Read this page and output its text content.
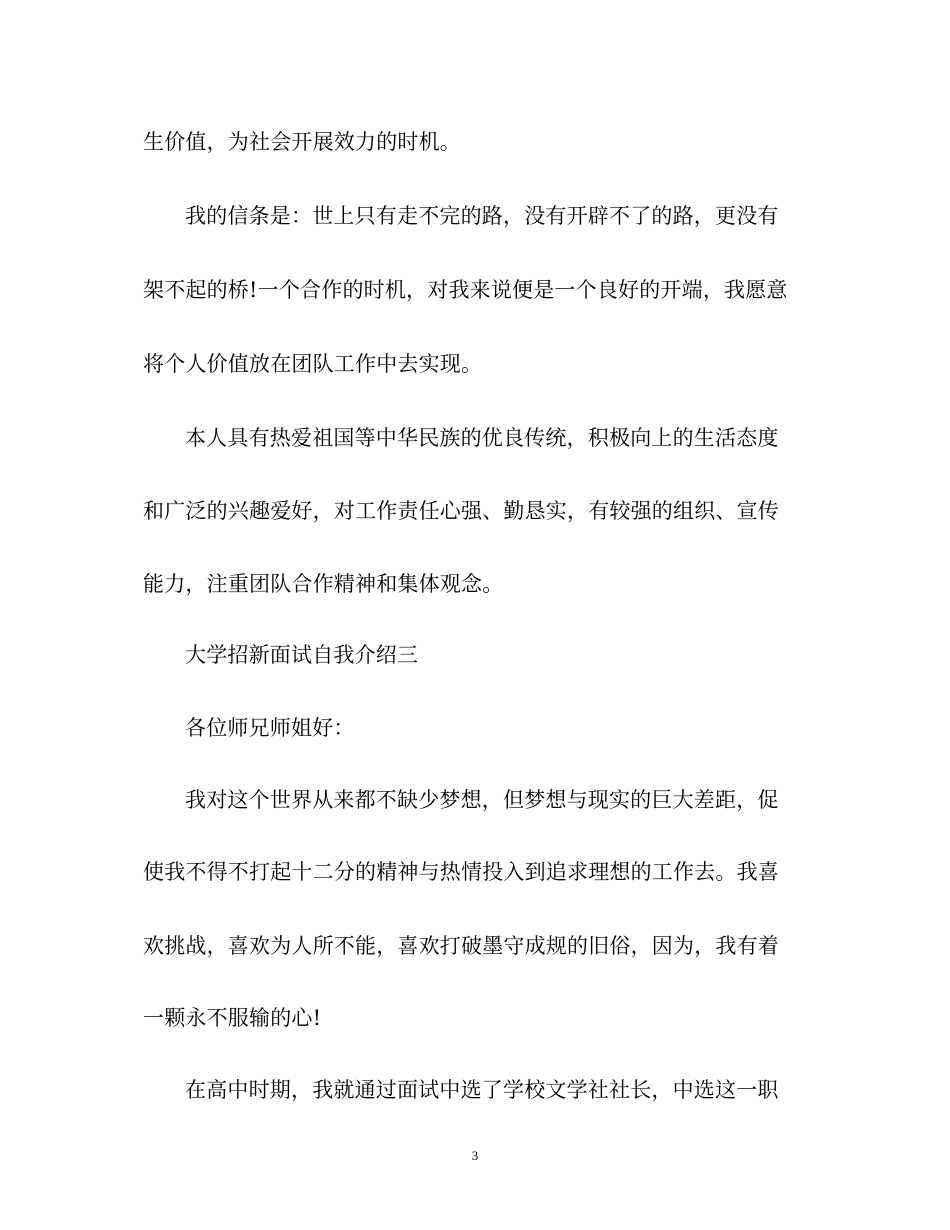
生价值，为社会开展效力的时机。
我的信条是：世上只有走不完的路，没有开辟不了的路，更没有
架不起的桥!一个合作的时机，对我来说便是一个良好的开端，我愿意
将个人价值放在团队工作中去实现。
本人具有热爱祖国等中华民族的优良传统，积极向上的生活态度
和广泛的兴趣爱好，对工作责任心强、勤恳实，有较强的组织、宣传
能力，注重团队合作精神和集体观念。
大学招新面试自我介绍三
各位师兄师姐好：
我对这个世界从来都不缺少梦想，但梦想与现实的巨大差距，促
使我不得不打起十二分的精神与热情投入到追求理想的工作去。我喜
欢挑战，喜欢为人所不能，喜欢打破墨守成规的旧俗，因为，我有着
一颗永不服输的心!
在高中时期，我就通过面试中选了学校文学社社长，中选这一职
3
